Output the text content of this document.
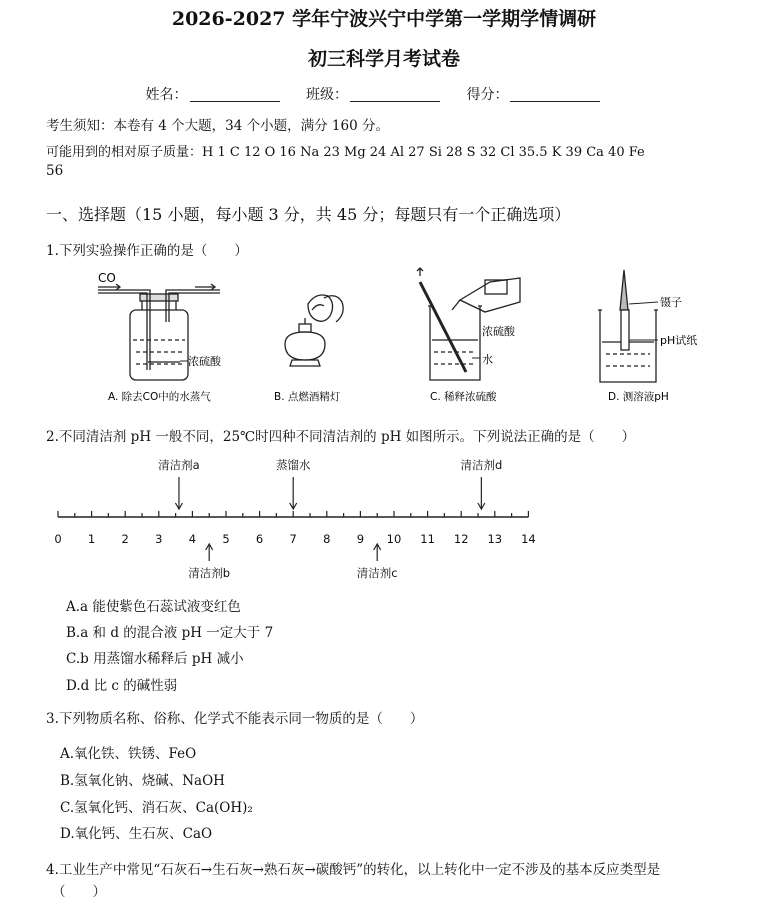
2026-2027 学年宁波兴宁中学第一学期学情调研
初三科学月考试卷
姓名：	班级：	得分：
考生须知：本卷有 4 个大题，34 个小题，满分 160 分。
可能用到的相对原子质量：H 1 C 12 O 16 Na 23 Mg 24 Al 27 Si 28 S 32 Cl 35.5 K 39 Ca 40 Fe
56
一、选择题（15 小题，每小题 3 分，共 45 分；每题只有一个正确选项）
1.下列实验操作正确的是（　　）
CO
浓硫酸
A. 除去CO中的水蒸气	B. 点燃酒精灯
浓硫酸
水
C. 稀释浓硫酸
镊子
pH试纸
D. 测溶液pH
2.不同清洁剂 pH 一般不同，25℃时四种不同清洁剂的 pH 如图所示。下列说法正确的是（　　）
0 1 2 3 4 5 6 7 8 9 10 11 12 13 14
清洁剂a	蒸馏水	清洁剂d
清洁剂b	清洁剂c
A.a 能使紫色石蕊试液变红色
B.a 和 d 的混合液 pH 一定大于 7
C.b 用蒸馏水稀释后 pH 减小
D.d 比 c 的碱性弱
3.下列物质名称、俗称、化学式不能表示同一物质的是（　　）
A.氧化铁、铁锈、FeO
B.氢氧化钠、烧碱、NaOH
C.氢氧化钙、消石灰、Ca(OH)₂
D.氧化钙、生石灰、CaO
4.工业生产中常见“石灰石→生石灰→熟石灰→碳酸钙”的转化，以上转化中一定不涉及的基本反应类型是
（　　）
